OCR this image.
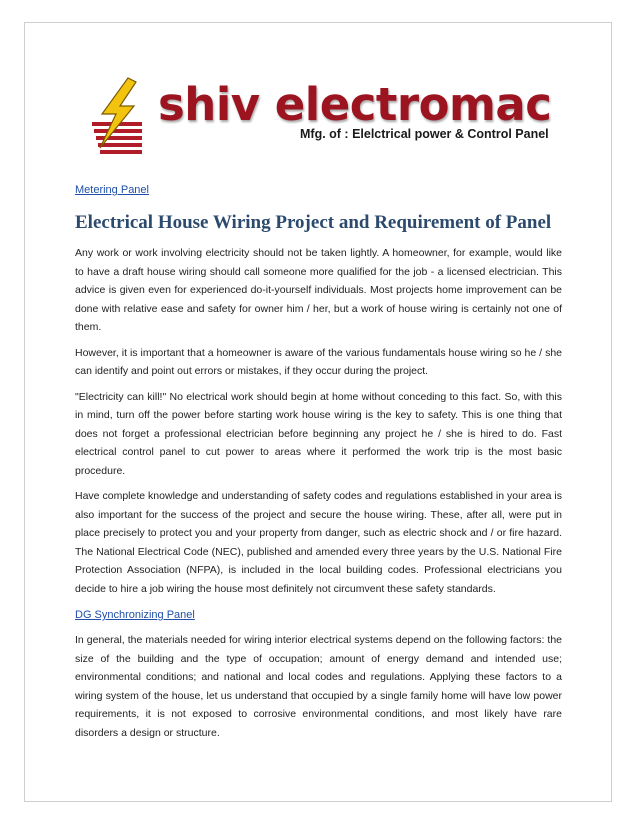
shiv electromac
Mfg. of : Elelctrical power & Control Panel
Metering Panel
Electrical House Wiring Project and Requirement of Panel

Any work or work involving electricity should not be taken lightly. A homeowner, for example, would like to have a draft house wiring should call someone more qualified for the job - a licensed electrician. This advice is given even for experienced do-it-yourself individuals. Most projects home improvement can be done with relative ease and safety for owner him / her, but a work of house wiring is certainly not one of them.

However, it is important that a homeowner is aware of the various fundamentals house wiring so he / she can identify and point out errors or mistakes, if they occur during the project.

"Electricity can kill!" No electrical work should begin at home without conceding to this fact. So, with this in mind, turn off the power before starting work house wiring is the key to safety. This is one thing that does not forget a professional electrician before beginning any project he / she is hired to do. Fast electrical control panel to cut power to areas where it performed the work trip is the most basic procedure.

Have complete knowledge and understanding of safety codes and regulations established in your area is also important for the success of the project and secure the house wiring. These, after all, were put in place precisely to protect you and your property from danger, such as electric shock and / or fire hazard. The National Electrical Code (NEC), published and amended every three years by the U.S. National Fire Protection Association (NFPA), is included in the local building codes. Professional electricians you decide to hire a job wiring the house most definitely not circumvent these safety standards.

DG Synchronizing Panel

In general, the materials needed for wiring interior electrical systems depend on the following factors: the size of the building and the type of occupation; amount of energy demand and intended use; environmental conditions; and national and local codes and regulations. Applying these factors to a wiring system of the house, let us understand that occupied by a single family home will have low power requirements, it is not exposed to corrosive environmental conditions, and most likely have rare disorders a design or structure.
